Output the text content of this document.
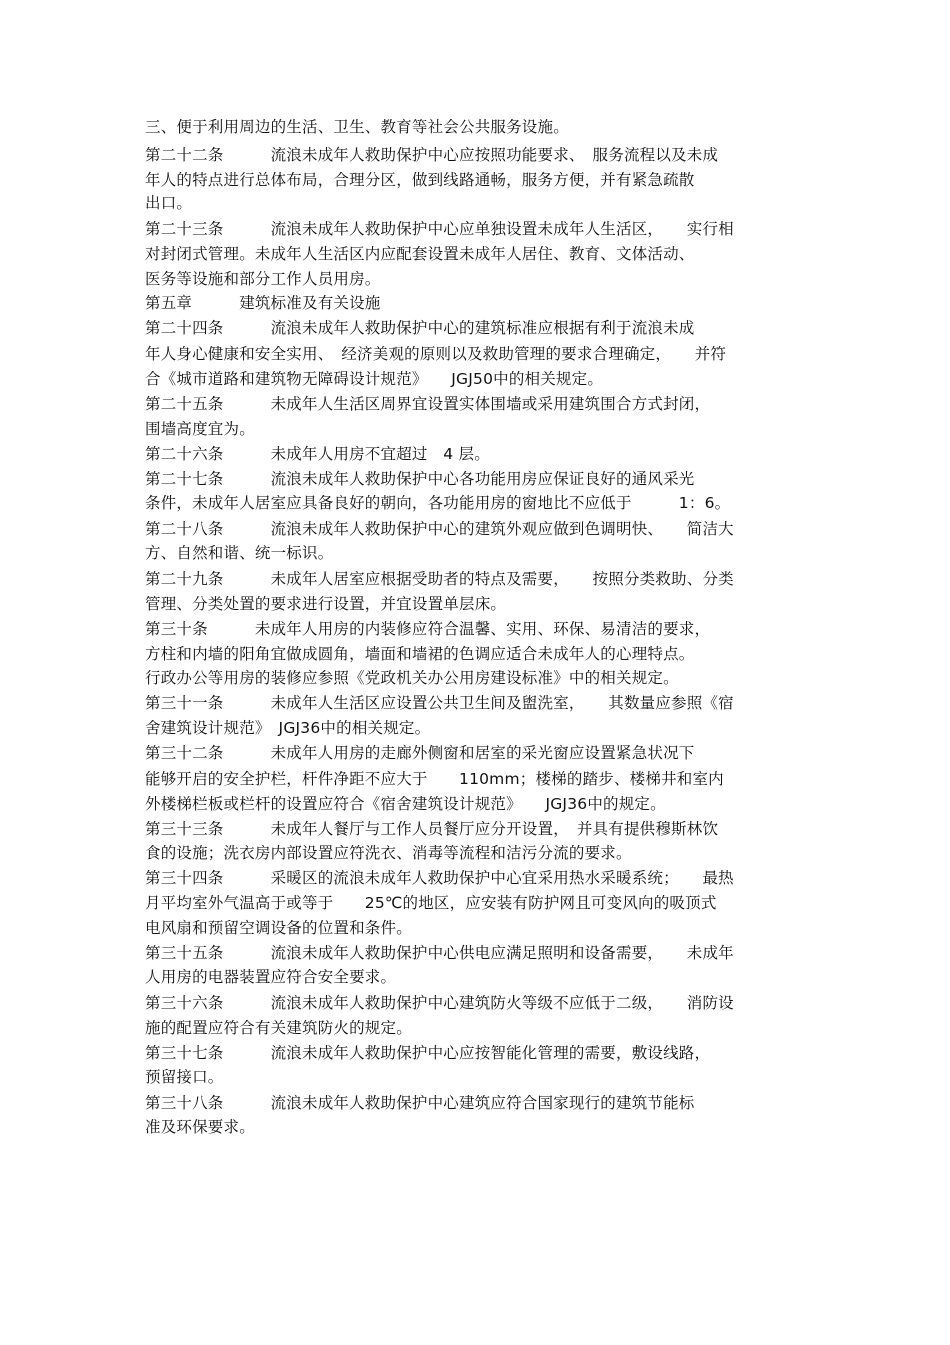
三、便于利用周边的生活、卫生、教育等社会公共服务设施。
第二十二条　　　流浪未成年人救助保护中心应按照功能要求、　服务流程以及未成
年人的特点进行总体布局，合理分区，做到线路通畅，服务方便，并有紧急疏散
出口。
第二十三条　　　流浪未成年人救助保护中心应单独设置未成年人生活区，　　实行相
对封闭式管理。未成年人生活区内应配套设置未成年人居住、教育、文体活动、
医务等设施和部分工作人员用房。
第五章　　　建筑标准及有关设施
第二十四条　　　流浪未成年人救助保护中心的建筑标准应根据有利于流浪未成
年人身心健康和安全实用、　经济美观的原则以及救助管理的要求合理确定，　　并符
合《城市道路和建筑物无障碍设计规范》　　JGJ50中的相关规定。
第二十五条　　　未成年人生活区周界宜设置实体围墙或采用建筑围合方式封闭，
围墙高度宜为。
第二十六条　　　未成年人用房不宜超过　4 层。
第二十七条　　　流浪未成年人救助保护中心各功能用房应保证良好的通风采光
条件，未成年人居室应具备良好的朝向，各功能用房的窗地比不应低于　　　1：6。
第二十八条　　　流浪未成年人救助保护中心的建筑外观应做到色调明快、　　简洁大
方、自然和谐、统一标识。
第二十九条　　　未成年人居室应根据受助者的特点及需要，　　按照分类救助、分类
管理、分类处置的要求进行设置，并宜设置单层床。
第三十条　　　未成年人用房的内装修应符合温馨、实用、环保、易清洁的要求，
方柱和内墙的阳角宜做成圆角，墙面和墙裙的色调应适合未成年人的心理特点。
行政办公等用房的装修应参照《党政机关办公用房建设标准》中的相关规定。
第三十一条　　　未成年人生活区应设置公共卫生间及盥洗室，　　其数量应参照《宿
舍建筑设计规范》　JGJ36中的相关规定。
第三十二条　　　未成年人用房的走廊外侧窗和居室的采光窗应设置紧急状况下
能够开启的安全护栏，杆件净距不应大于　　110mm；楼梯的踏步、楼梯井和室内
外楼梯栏板或栏杆的设置应符合《宿舍建筑设计规范》　　JGJ36中的规定。
第三十三条　　　未成年人餐厅与工作人员餐厅应分开设置，　并具有提供穆斯林饮
食的设施；洗衣房内部设置应符洗衣、消毒等流程和洁污分流的要求。
第三十四条　　　采暖区的流浪未成年人救助保护中心宜采用热水采暖系统；　　最热
月平均室外气温高于或等于　　25℃的地区，应安装有防护网且可变风向的吸顶式
电风扇和预留空调设备的位置和条件。
第三十五条　　　流浪未成年人救助保护中心供电应满足照明和设备需要，　　未成年
人用房的电器装置应符合安全要求。
第三十六条　　　流浪未成年人救助保护中心建筑防火等级不应低于二级，　　消防设
施的配置应符合有关建筑防火的规定。
第三十七条　　　流浪未成年人救助保护中心应按智能化管理的需要，敷设线路，
预留接口。
第三十八条　　　流浪未成年人救助保护中心建筑应符合国家现行的建筑节能标
准及环保要求。
